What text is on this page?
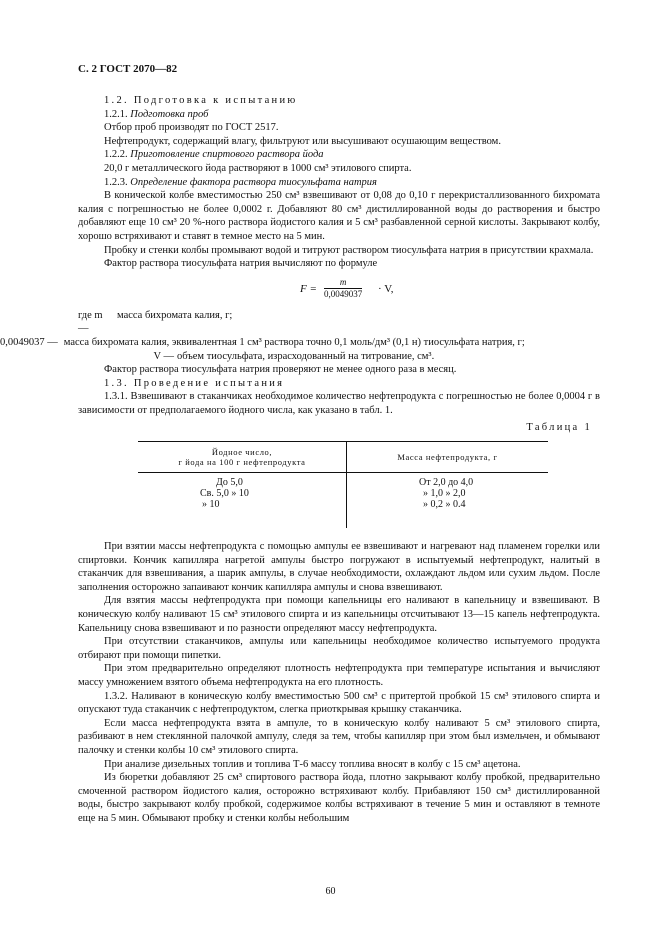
С. 2 ГОСТ 2070—82

1.2. Подготовка к испытанию

1.2.1. Подготовка проб

Отбор проб производят по ГОСТ 2517.

Нефтепродукт, содержащий влагу, фильтруют или высушивают осушающим веществом.

1.2.2. Приготовление спиртового раствора йода

20,0 г металлического йода растворяют в 1000 см³ этилового спирта.

1.2.3. Определение фактора раствора тиосульфата натрия

В конической колбе вместимостью 250 см³ взвешивают от 0,08 до 0,10 г перекристаллизованного бихромата калия с погрешностью не более 0,0002 г. Добавляют 80 см³ дистиллированной воды до растворения и быстро добавляют еще 10 см³ 20 %-ного раствора йодистого калия и 5 см³ разбавленной серной кислоты. Закрывают колбу, хорошо встряхивают и ставят в темное место на 5 мин.

Пробку и стенки колбы промывают водой и титруют раствором тиосульфата натрия в присутствии крахмала.

Фактор раствора тиосульфата натрия вычисляют по формуле

$F = \frac{m}{0,0049037} \cdot V$,
где m —
масса бихромата калия, г;
0,0049037 — масса бихромата калия, эквивалентная 1 см³ раствора точно 0,1 моль/дм³ (0,1 н) тиосульфата натрия, г;
V — объем тиосульфата, израсходованный на титрование, см³.

Фактор раствора тиосульфата натрия проверяют не менее одного раза в месяц.

1.3. Проведение испытания

1.3.1. Взвешивают в стаканчиках необходимое количество нефтепродукта с погрешностью не более 0,0004 г в зависимости от предполагаемого йодного числа, как указано в табл. 1.

Таблица 1
Йодное число,
г йода на 100 г нефтепродукта	Масса нефтепродукта, г
До 5,0	От 2,0 до 4,0
Св. 5,0 » 10	» 1,0 » 2,0
» 10	» 0,2 » 0.4

При взятии массы нефтепродукта с помощью ампулы ее взвешивают и нагревают над пламенем горелки или спиртовки. Кончик капилляра нагретой ампулы быстро погружают в испытуемый нефтепродукт, налитый в стаканчик для взвешивания, а шарик ампулы, в случае необходимости, охлаждают льдом или сухим льдом. После заполнения осторожно запаивают кончик капилляра ампулы и снова взвешивают.

Для взятия массы нефтепродукта при помощи капельницы его наливают в капельницу и взвешивают. В коническую колбу наливают 15 см³ этилового спирта и из капельницы отсчитывают 13—15 капель нефтепродукта. Капельницу снова взвешивают и по разности определяют массу нефтепродукта.

При отсутствии стаканчиков, ампулы или капельницы необходимое количество испытуемого продукта отбирают при помощи пипетки.

При этом предварительно определяют плотность нефтепродукта при температуре испытания и вычисляют массу умножением взятого объема нефтепродукта на его плотность.

1.3.2. Наливают в коническую колбу вместимостью 500 см³ с притертой пробкой 15 см³ этилового спирта и опускают туда стаканчик с нефтепродуктом, слегка приоткрывая крышку стаканчика.

Если масса нефтепродукта взята в ампуле, то в коническую колбу наливают 5 см³ этилового спирта, разбивают в нем стеклянной палочкой ампулу, следя за тем, чтобы капилляр при этом был измельчен, и обмывают палочку и стенки колбы 10 см³ этилового спирта.

При анализе дизельных топлив и топлива Т-6 массу топлива вносят в колбу с 15 см³ ацетона.

Из бюретки добавляют 25 см³ спиртового раствора йода, плотно закрывают колбу пробкой, предварительно смоченной раствором йодистого калия, осторожно встряхивают колбу. Прибавляют 150 см³ дистиллированной воды, быстро закрывают колбу пробкой, содержимое колбы встряхивают в течение 5 мин и оставляют в темноте еще на 5 мин. Обмывают пробку и стенки колбы небольшим

60
